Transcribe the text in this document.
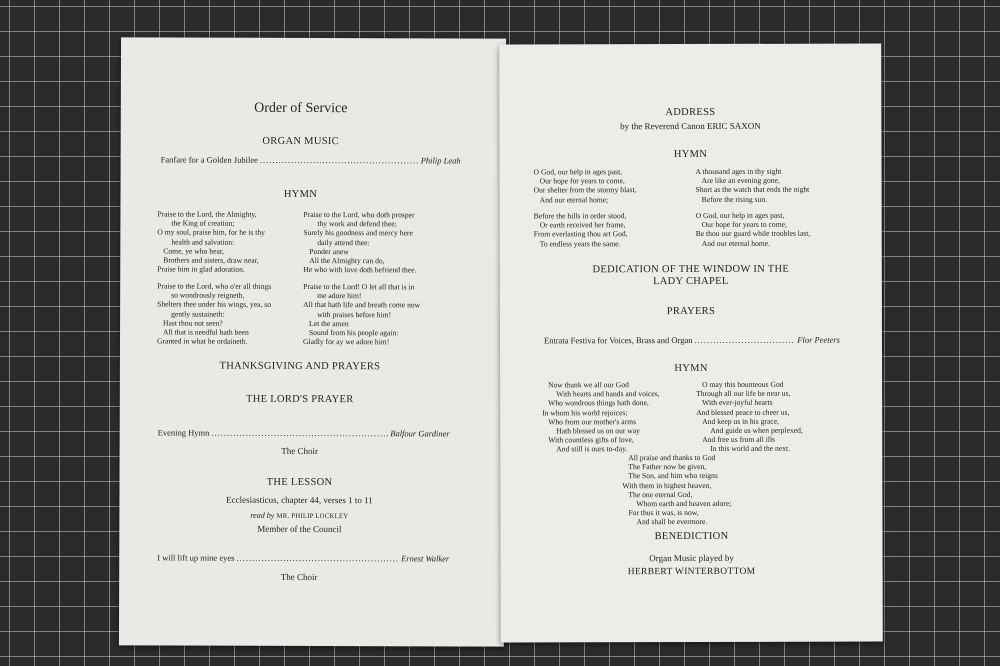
Order of Service
ORGAN MUSIC
Fanfare for a Golden Jubilee .....	Philip Leah
HYMN
Praise to the Lord, the Almighty,
the King of creation;
O my soul, praise him, for he is thy
health and salvation:
Come, ye who hear,
Brothers and sisters, draw near,
Praise him in glad adoration.
Praise to the Lord, who doth prosper
thy work and defend thee;
Surely his goodness and mercy here
daily attend thee:
Ponder anew
All the Almighty can do,
He who with love doth befriend thee.
Praise to the Lord, who o'er all things
so wondrously reigneth,
Shelters thee under his wings, yea, so
gently sustaineth:
Hast thou not seen?
All that is needful hath been
Granted in what he ordaineth.
Praise to the Lord! O let all that is in
me adore him!
All that hath life and breath come now
with praises before him!
Let the amen
Sound from his people again:
Gladly for ay we adore him!
THANKSGIVING AND PRAYERS
THE LORD'S PRAYER
Evening Hymn .....	Balfour Gardiner
The Choir
THE LESSON
Ecclesiasticus, chapter 44, verses 1 to 11
read by MR. PHILIP LOCKLEY
Member of the Council
I will lift up mine eyes .....	Ernest Walker
The Choir
ADDRESS
by the Reverend Canon ERIC SAXON
HYMN
O God, our help in ages past,
Our hope for years to come,
Our shelter from the stormy blast,
And our eternal home;
A thousand ages in thy sight
Are like an evening gone,
Short as the watch that ends the night
Before the rising sun.
Before the hills in order stood,
Or earth received her frame,
From everlasting thou art God,
To endless years the same.
O God, our help in ages past,
Our hope for years to come,
Be thou our guard while troubles last,
And our eternal home.
DEDICATION OF THE WINDOW IN THE
LADY CHAPEL
PRAYERS
Entrata Festiva for Voices, Brass and Organ .....	Flor Peeters
HYMN
Now thank we all our God
With hearts and hands and voices,
Who wondrous things hath done,
In whom his world rejoices;
Who from our mother's arms
Hath blessed us on our way
With countless gifts of love,
And still is ours to-day.
O may this bounteous God
Through all our life be near us,
With ever-joyful hearts
And blessed peace to cheer us,
And keep us in his grace,
And guide us when perplexed,
And free us from all ills
In this world and the next.
All praise and thanks to God
The Father now be given,
The Son, and him who reigns
With them in highest heaven,
The one eternal God,
Whom earth and heaven adore;
For thus it was, is now,
And shall be evermore.
BENEDICTION
Organ Music played by
HERBERT WINTERBOTTOM
